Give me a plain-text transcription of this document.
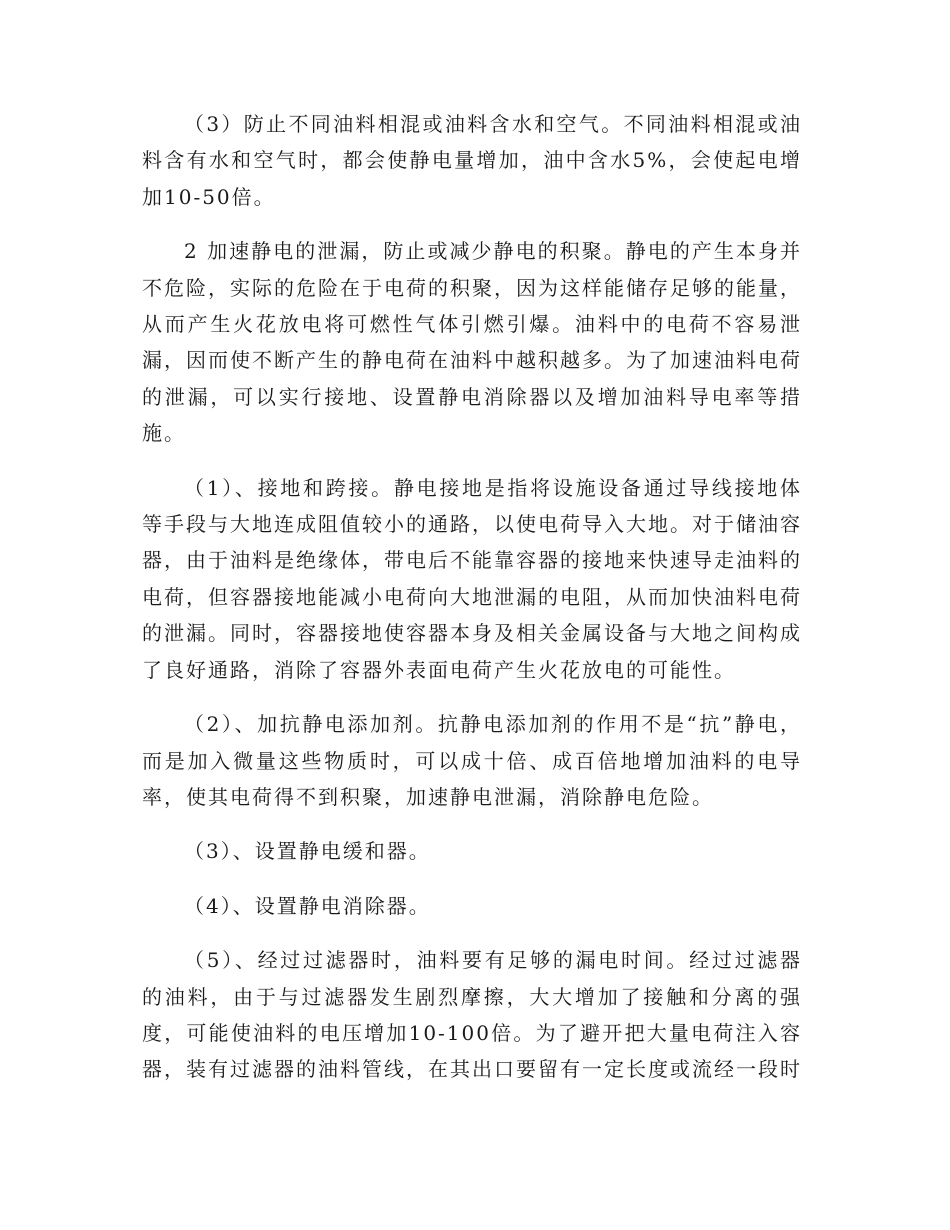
（3）防止不同油料相混或油料含水和空气。不同油料相混或油料含有水和空气时，都会使静电量增加，油中含水5%，会使起电增加10-50倍。

2 加速静电的泄漏，防止或减少静电的积聚。静电的产生本身并不危险，实际的危险在于电荷的积聚，因为这样能储存足够的能量，从而产生火花放电将可燃性气体引燃引爆。油料中的电荷不容易泄漏，因而使不断产生的静电荷在油料中越积越多。为了加速油料电荷的泄漏，可以实行接地、设置静电消除器以及增加油料导电率等措施。

（1）、接地和跨接。静电接地是指将设施设备通过导线接地体等手段与大地连成阻值较小的通路，以使电荷导入大地。对于储油容器，由于油料是绝缘体，带电后不能靠容器的接地来快速导走油料的电荷，但容器接地能减小电荷向大地泄漏的电阻，从而加快油料电荷的泄漏。同时，容器接地使容器本身及相关金属设备与大地之间构成了良好通路，消除了容器外表面电荷产生火花放电的可能性。

（2）、加抗静电添加剂。抗静电添加剂的作用不是“抗”静电，而是加入微量这些物质时，可以成十倍、成百倍地增加油料的电导率，使其电荷得不到积聚，加速静电泄漏，消除静电危险。

（3）、设置静电缓和器。

（4）、设置静电消除器。

（5）、经过过滤器时，油料要有足够的漏电时间。经过过滤器的油料，由于与过滤器发生剧烈摩擦，大大增加了接触和分离的强度，可能使油料的电压增加10-100倍。为了避开把大量电荷注入容器，装有过滤器的油料管线，在其出口要留有一定长度或流经一段时
